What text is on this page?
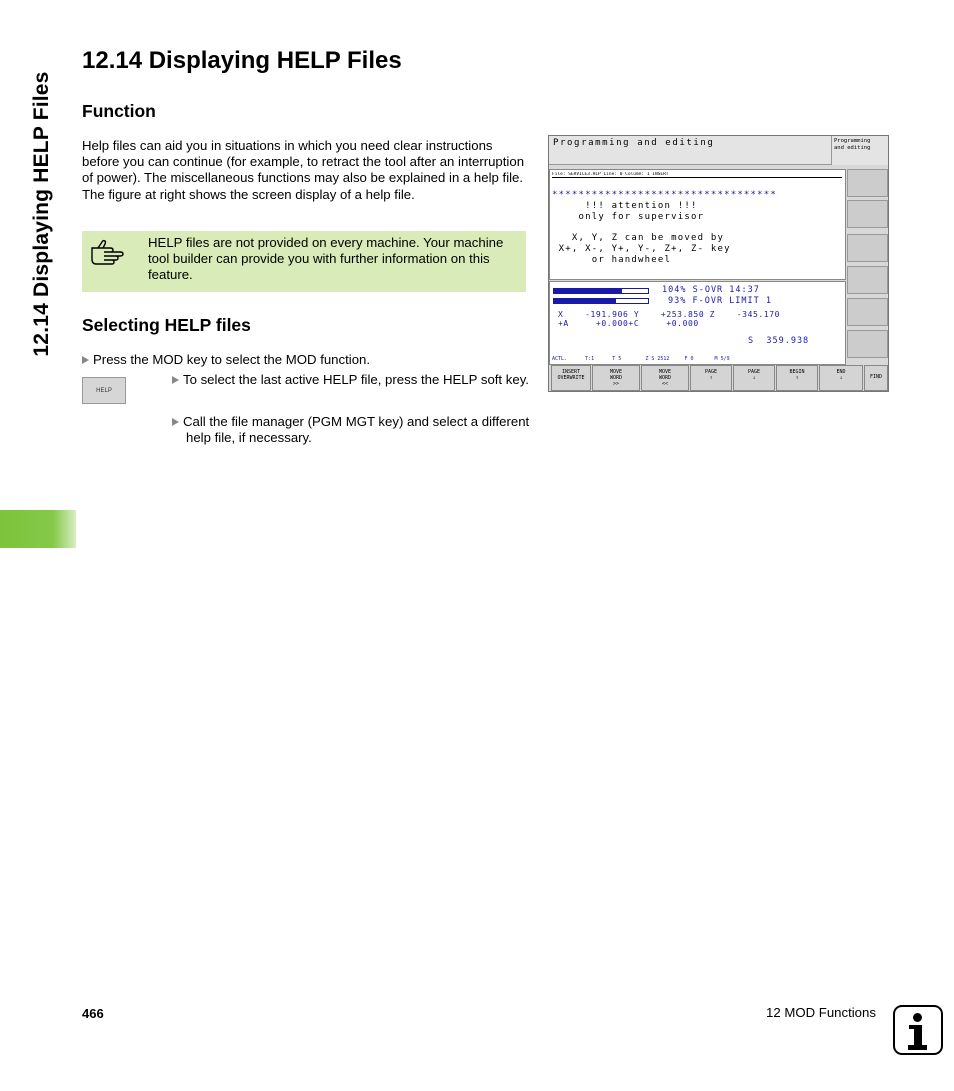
12.14 Displaying HELP Files
12.14 Displaying HELP Files
Function
Help files can aid you in situations in which you need clear instructions before you can continue (for example, to retract the tool after an interruption of power). The miscellaneous functions may also be explained in a help file. The figure at right shows the screen display of a help file.
HELP files are not provided on every machine. Your machine tool builder can provide you with further information on this feature.
Selecting HELP files
Press the MOD key to select the MOD function.
HELP
To select the last active HELP file, press the HELP soft key.
Call the file manager (PGM MGT key) and select a different help file, if necessary.
Programming and editing	Programming
and editing
File: SERVICE3.HLP Line: 0 Column: 1 INSERT
**********************************
!!! attention !!!
only for supervisor
X, Y, Z can be moved by
X+, X-, Y+, Y-, Z+, Z- key
or handwheel
104% S-OVR 14:37
93% F-OVR LIMIT 1
X    -191.906 Y    +253.850 Z    -345.170
+A     +0.000+C     +0.000
S  359.938
ACTL.      T:1      T 5        Z S 2512     F 0       M 5/9
INSERT
OVERWRITE
MOVE
WORD
>>
MOVE
WORD
<<
PAGE
↑
PAGE
↓
BEGIN
↑
END
↓	FIND
466	12 MOD Functions
